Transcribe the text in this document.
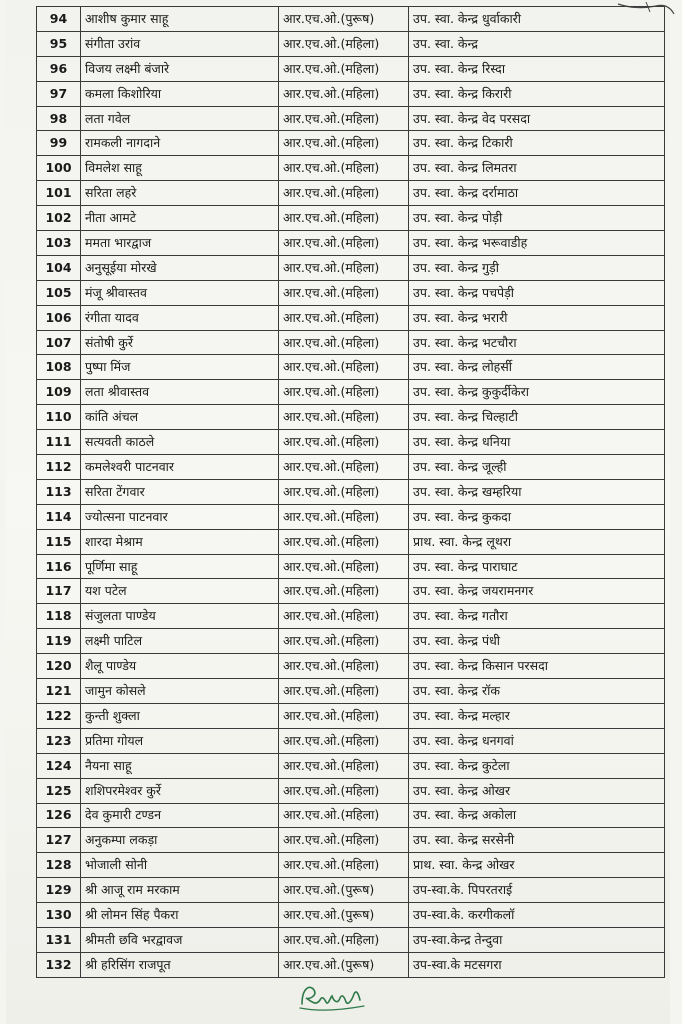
94	आशीष कुमार साहू	आर.एच.ओ.(पुरूष)	उप. स्वा. केन्द्र धुर्वाकारी
95	संगीता उरांव	आर.एच.ओ.(महिला)	उप. स्वा. केन्द्र
96	विजय लक्ष्मी बंजारे	आर.एच.ओ.(महिला)	उप. स्वा. केन्द्र रिस्दा
97	कमला किशोरिया	आर.एच.ओ.(महिला)	उप. स्वा. केन्द्र किरारी
98	लता गवेल	आर.एच.ओ.(महिला)	उप. स्वा. केन्द्र वेद परसदा
99	रामकली नागदाने	आर.एच.ओ.(महिला)	उप. स्वा. केन्द्र टिकारी
100	विमलेश साहू	आर.एच.ओ.(महिला)	उप. स्वा. केन्द्र लिमतरा
101	सरिता लहरे	आर.एच.ओ.(महिला)	उप. स्वा. केन्द्र दर्रामाठा
102	नीता आमटे	आर.एच.ओ.(महिला)	उप. स्वा. केन्द्र पोड़ी
103	ममता भारद्वाज	आर.एच.ओ.(महिला)	उप. स्वा. केन्द्र भरूवाडीह
104	अनुसूईया मोरखे	आर.एच.ओ.(महिला)	उप. स्वा. केन्द्र गुड़ी
105	मंजू श्रीवास्तव	आर.एच.ओ.(महिला)	उप. स्वा. केन्द्र पचपेड़ी
106	रंगीता यादव	आर.एच.ओ.(महिला)	उप. स्वा. केन्द्र भरारी
107	संतोषी कुर्रे	आर.एच.ओ.(महिला)	उप. स्वा. केन्द्र भटचौरा
108	पुष्पा मिंज	आर.एच.ओ.(महिला)	उप. स्वा. केन्द्र लोहर्सी
109	लता श्रीवास्तव	आर.एच.ओ.(महिला)	उप. स्वा. केन्द्र कुकुर्दीकेरा
110	कांति अंचल	आर.एच.ओ.(महिला)	उप. स्वा. केन्द्र चिल्हाटी
111	सत्यवती काठले	आर.एच.ओ.(महिला)	उप. स्वा. केन्द्र धनिया
112	कमलेश्वरी पाटनवार	आर.एच.ओ.(महिला)	उप. स्वा. केन्द्र जूल्ही
113	सरिता टेंगवार	आर.एच.ओ.(महिला)	उप. स्वा. केन्द्र खम्हरिया
114	ज्योत्सना पाटनवार	आर.एच.ओ.(महिला)	उप. स्वा. केन्द्र कुकदा
115	शारदा मेश्राम	आर.एच.ओ.(महिला)	प्राथ. स्वा. केन्द्र लूथरा
116	पूर्णिमा साहू	आर.एच.ओ.(महिला)	उप. स्वा. केन्द्र पाराघाट
117	यश पटेल	आर.एच.ओ.(महिला)	उप. स्वा. केन्द्र जयरामनगर
118	संजुलता पाण्डेय	आर.एच.ओ.(महिला)	उप. स्वा. केन्द्र गतौरा
119	लक्ष्मी पाटिल	आर.एच.ओ.(महिला)	उप. स्वा. केन्द्र पंधी
120	शैलू पाण्डेय	आर.एच.ओ.(महिला)	उप. स्वा. केन्द्र किसान परसदा
121	जामुन कोसले	आर.एच.ओ.(महिला)	उप. स्वा. केन्द्र रॉक
122	कुन्ती शुक्ला	आर.एच.ओ.(महिला)	उप. स्वा. केन्द्र मल्हार
123	प्रतिमा गोयल	आर.एच.ओ.(महिला)	उप. स्वा. केन्द्र धनगवां
124	नैयना साहू	आर.एच.ओ.(महिला)	उप. स्वा. केन्द्र कुटेला
125	शशिपरमेश्वर कुर्रे	आर.एच.ओ.(महिला)	उप. स्वा. केन्द्र ओखर
126	देव कुमारी टण्डन	आर.एच.ओ.(महिला)	उप. स्वा. केन्द्र अकोला
127	अनुकम्पा लकड़ा	आर.एच.ओ.(महिला)	उप. स्वा. केन्द्र सरसेनी
128	भोजाली सोनी	आर.एच.ओ.(महिला)	प्राथ. स्वा. केन्द्र ओखर
129	श्री आजू राम मरकाम	आर.एच.ओ.(पुरूष)	उप-स्वा.के. पिपरतराई
130	श्री लोमन सिंह पैकरा	आर.एच.ओ.(पुरूष)	उप-स्वा.के. करगीकलॉ
131	श्रीमती छवि भरद्वावज	आर.एच.ओ.(महिला)	उप-स्वा.केन्द्र तेन्दुवा
132	श्री हरिसिंग राजपूत	आर.एच.ओ.(पुरूष)	उप-स्वा.के मटसगरा
